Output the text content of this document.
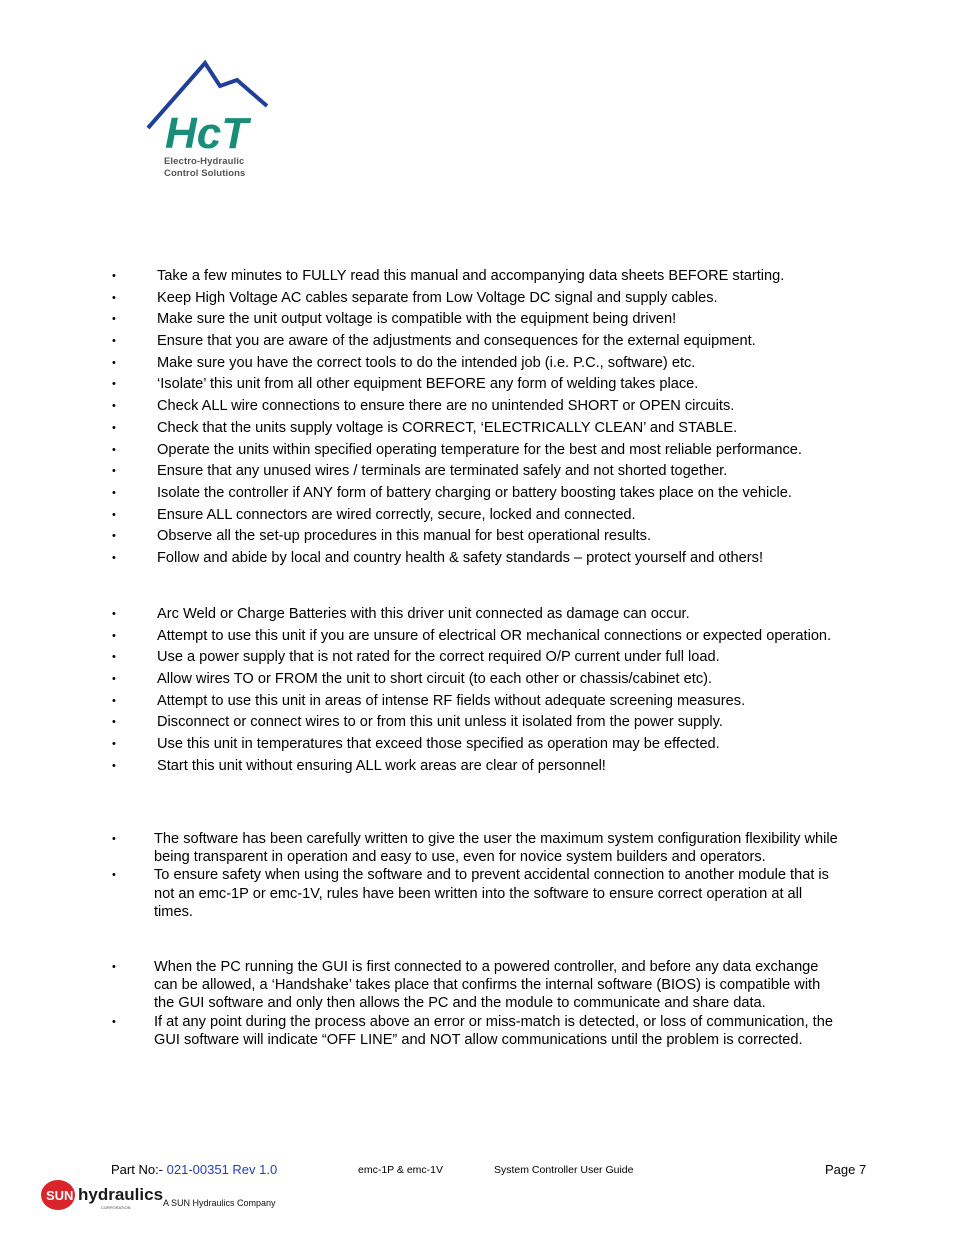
HcT
Electro-Hydraulic
Control Solutions
• Take a few minutes to FULLY read this manual and accompanying data sheets BEFORE starting.
• Keep High Voltage AC cables separate from Low Voltage DC signal and supply cables.
• Make sure the unit output voltage is compatible with the equipment being driven!
• Ensure that you are aware of the adjustments and consequences for the external equipment.
• Make sure you have the correct tools to do the intended job (i.e. P.C., software) etc.
• ‘Isolate’ this unit from all other equipment BEFORE any form of welding takes place.
• Check ALL wire connections to ensure there are no unintended SHORT or OPEN circuits.
• Check that the units supply voltage is CORRECT, ‘ELECTRICALLY CLEAN’ and STABLE.
• Operate the units within specified operating temperature for the best and most reliable performance.
• Ensure that any unused wires / terminals are terminated safely and not shorted together.
• Isolate the controller if ANY form of battery charging or battery boosting takes place on the vehicle.
• Ensure ALL connectors are wired correctly, secure, locked and connected.
• Observe all the set-up procedures in this manual for best operational results.
• Follow and abide by local and country health & safety standards – protect yourself and others!
• Arc Weld or Charge Batteries with this driver unit connected as damage can occur.
• Attempt to use this unit if you are unsure of electrical OR mechanical connections or expected operation.
• Use a power supply that is not rated for the correct required O/P current under full load.
• Allow wires TO or FROM the unit to short circuit (to each other or chassis/cabinet etc).
• Attempt to use this unit in areas of intense RF fields without adequate screening measures.
• Disconnect or connect wires to or from this unit unless it isolated from the power supply.
• Use this unit in temperatures that exceed those specified as operation may be effected.
• Start this unit without ensuring ALL work areas are clear of personnel!
• The software has been carefully written to give the user the maximum system configuration flexibility while being transparent in operation and easy to use, even for novice system builders and operators.
• To ensure safety when using the software and to prevent accidental connection to another module that is not an emc-1P or emc-1V, rules have been written into the software to ensure correct operation at all times.
• When the PC running the GUI is first connected to a powered controller, and before any data exchange can be allowed, a ‘Handshake’ takes place that confirms the internal software (BIOS) is compatible with the GUI software and only then allows the PC and the module to communicate and share data.
• If at any point during the process above an error or miss-match is detected, or loss of communication, the GUI software will indicate “OFF LINE” and NOT allow communications until the problem is corrected.
Part No:- 021-00351 Rev 1.0	emc-1P & emc-1V	System Controller User Guide	Page 7
SUN hydraulics
CORPORATION	A SUN Hydraulics Company
